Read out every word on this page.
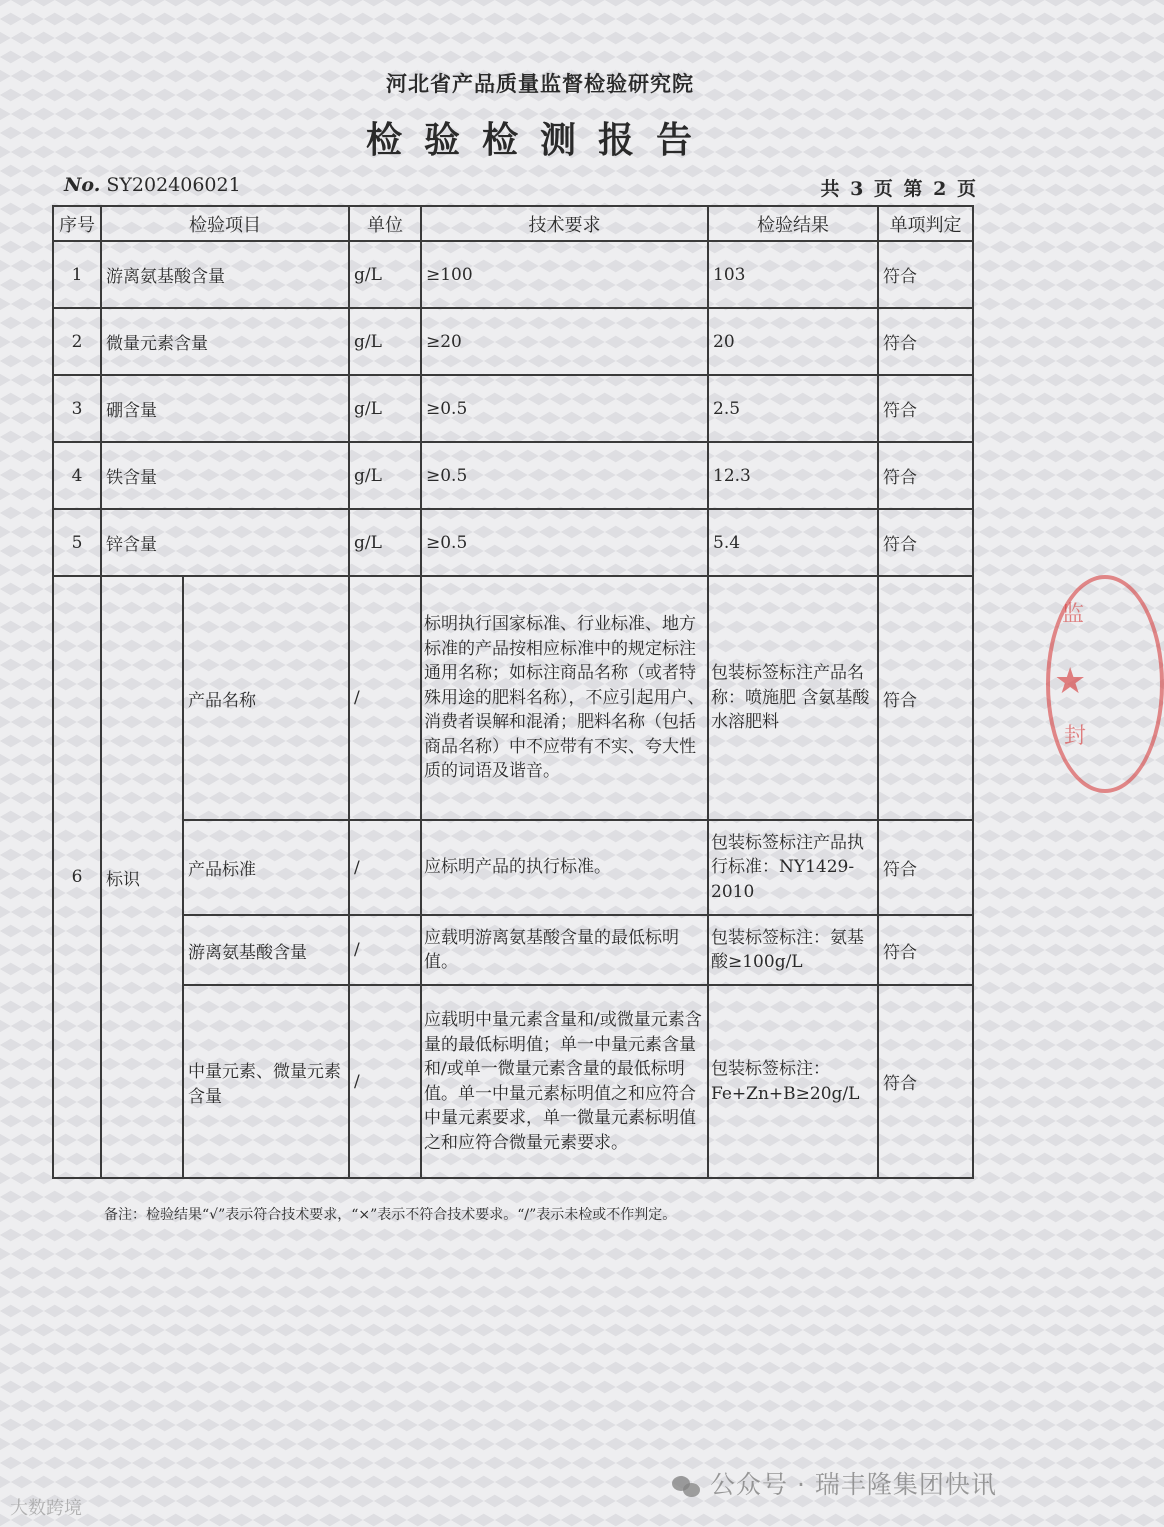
河北省产品质量监督检验研究院
检验检测报告
No. SY202406021	共 3 页 第 2 页
序号	检验项目		单位	技术要求	检验结果	单项判定
1	游离氨基酸含量		g/L	≥100	103	符合
2	微量元素含量		g/L	≥20	20	符合
3	硼含量		g/L	≥0.5	2.5	符合
4	铁含量		g/L	≥0.5	12.3	符合
5	锌含量		g/L	≥0.5	5.4	符合
6	标识	产品名称	/	标明执行国家标准、行业标准、地方标准的产品按相应标准中的规定标注通用名称；如标注商品名称（或者特殊用途的肥料名称），不应引起用户、消费者误解和混淆；肥料名称（包括商品名称）中不应带有不实、夸大性质的词语及谐音。	包装标签标注产品名称：喷施肥 含氨基酸水溶肥料	符合
		产品标准	/	应标明产品的执行标准。	包装标签标注产品执行标准：NY1429-2010	符合
		游离氨基酸含量	/	应载明游离氨基酸含量的最低标明值。	包装标签标注：氨基酸≥100g/L	符合
		中量元素、微量元素含量	/	应载明中量元素含量和/或微量元素含量的最低标明值；单一中量元素含量和/或单一微量元素含量的最低标明值。单一中量元素标明值之和应符合中量元素要求，单一微量元素标明值之和应符合微量元素要求。	包装标签标注：Fe+Zn+B≥20g/L	符合
备注：检验结果“√”表示符合技术要求，“×”表示不符合技术要求。“/”表示未检或不作判定。
监
★
封
公众号 · 瑞丰隆集团快讯
大数跨境
